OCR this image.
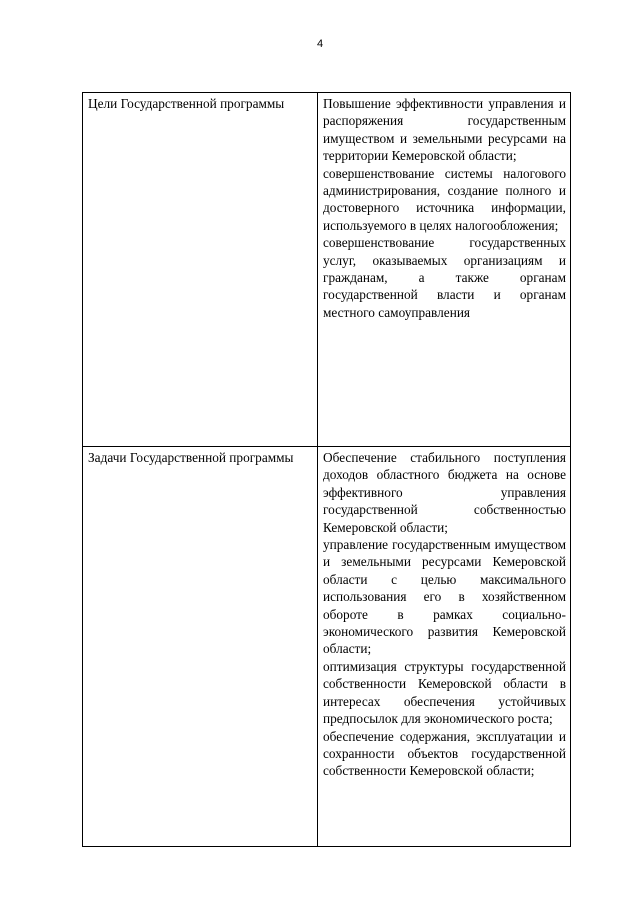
4
Цели Государственной программы	Повышение эффективности управления и распоряжения государственным имуществом и земельными ресурсами на территории Кемеровской области;
совершенствование системы налогового администрирования, создание полного и достоверного источника информации, используемого в целях налогообложения;
совершенствование государственных услуг, оказываемых организациям и гражданам, а также органам государственной власти и органам местного самоуправления

Задачи Государственной программы	Обеспечение стабильного поступления доходов областного бюджета на основе эффективного управления государственной собственностью Кемеровской области;
управление государственным имуществом и земельными ресурсами Кемеровской области с целью максимального использования его в хозяйственном обороте в рамках социально-экономического развития Кемеровской области;
оптимизация структуры государственной собственности Кемеровской области в интересах обеспечения устойчивых предпосылок для экономического роста;
обеспечение содержания, эксплуатации и сохранности объектов государственной собственности Кемеровской области;
